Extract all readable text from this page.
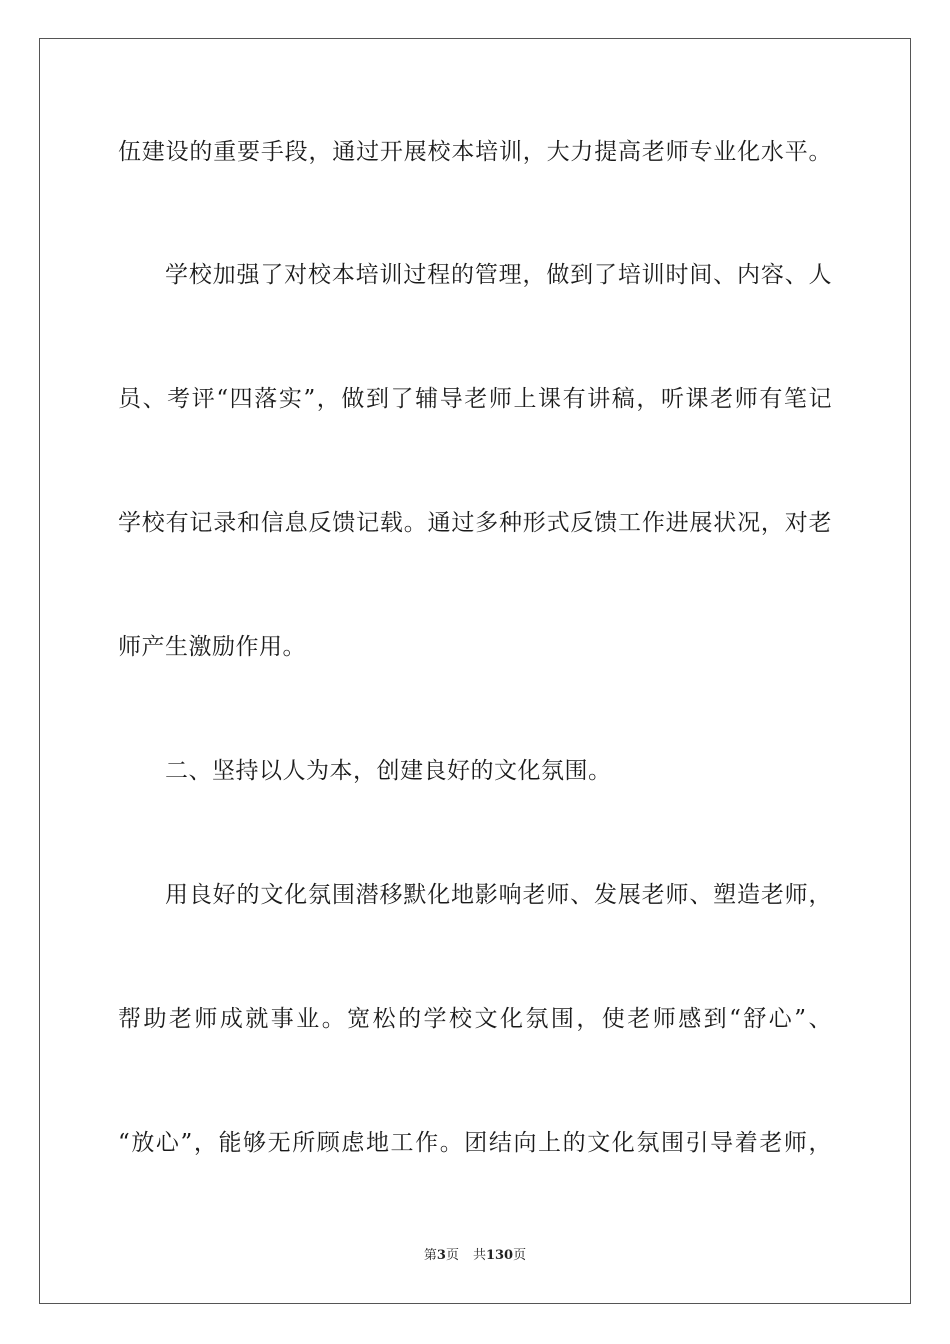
伍建设的重要手段，通过开展校本培训，大力提高老师专业化水平。
学校加强了对校本培训过程的管理，做到了培训时间、内容、人
员、考评“四落实”，做到了辅导老师上课有讲稿，听课老师有笔记
学校有记录和信息反馈记载。通过多种形式反馈工作进展状况，对老
师产生激励作用。
二、坚持以人为本，创建良好的文化氛围。
用良好的文化氛围潜移默化地影响老师、发展老师、塑造老师，
帮助老师成就事业。宽松的学校文化氛围，使老师感到“舒心”、
“放心”，能够无所顾虑地工作。团结向上的文化氛围引导着老师，
第3页 共130页
